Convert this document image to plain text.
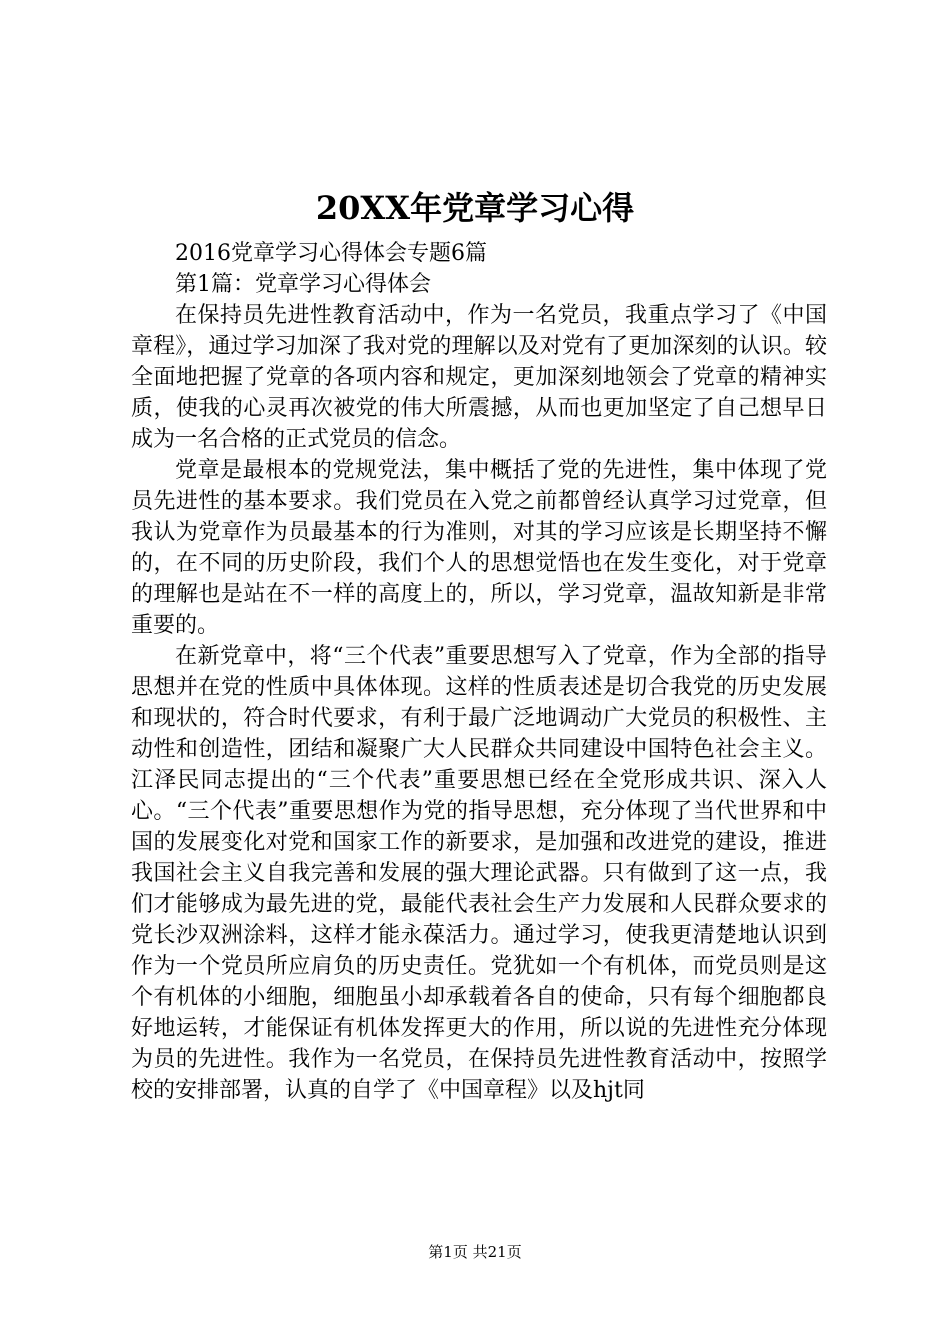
20XX年党章学习心得

2016党章学习心得体会专题6篇

第1篇：党章学习心得体会

在保持员先进性教育活动中，作为一名党员，我重点学习了《中国章程》，通过学习加深了我对党的理解以及对党有了更加深刻的认识。较全面地把握了党章的各项内容和规定，更加深刻地领会了党章的精神实质，使我的心灵再次被党的伟大所震撼，从而也更加坚定了自己想早日成为一名合格的正式党员的信念。

党章是最根本的党规党法，集中概括了党的先进性，集中体现了党员先进性的基本要求。我们党员在入党之前都曾经认真学习过党章，但我认为党章作为员最基本的行为准则，对其的学习应该是长期坚持不懈的，在不同的历史阶段，我们个人的思想觉悟也在发生变化，对于党章的理解也是站在不一样的高度上的，所以，学习党章，温故知新是非常重要的。

在新党章中，将“三个代表”重要思想写入了党章，作为全部的指导思想并在党的性质中具体体现。这样的性质表述是切合我党的历史发展和现状的，符合时代要求，有利于最广泛地调动广大党员的积极性、主动性和创造性，团结和凝聚广大人民群众共同建设中国特色社会主义。江泽民同志提出的“三个代表”重要思想已经在全党形成共识、深入人心。“三个代表”重要思想作为党的指导思想，充分体现了当代世界和中国的发展变化对党和国家工作的新要求，是加强和改进党的建设，推进我国社会主义自我完善和发展的强大理论武器。只有做到了这一点，我们才能够成为最先进的党，最能代表社会生产力发展和人民群众要求的党长沙双洲涂料，这样才能永葆活力。通过学习，使我更清楚地认识到作为一个党员所应肩负的历史责任。党犹如一个有机体，而党员则是这个有机体的小细胞，细胞虽小却承载着各自的使命，只有每个细胞都良好地运转，才能保证有机体发挥更大的作用，所以说的先进性充分体现为员的先进性。我作为一名党员，在保持员先进性教育活动中，按照学校的安排部署，认真的自学了《中国章程》以及hjt同

第1页 共21页
